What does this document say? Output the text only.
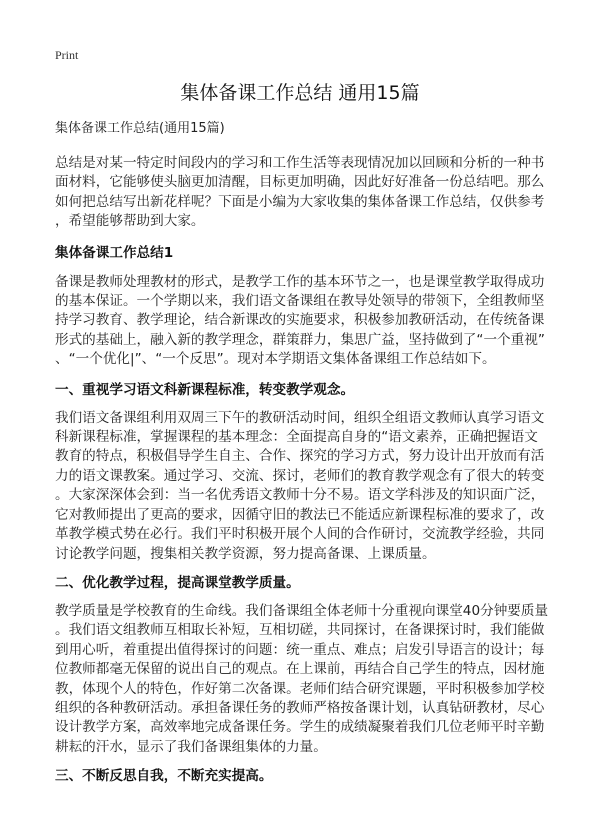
Print
集体备课工作总结 通用15篇
集体备课工作总结(通用15篇)
总结是对某一特定时间段内的学习和工作生活等表现情况加以回顾和分析的一种书
面材料，它能够使头脑更加清醒，目标更加明确，因此好好准备一份总结吧。那么
如何把总结写出新花样呢？下面是小编为大家收集的集体备课工作总结，仅供参考
，希望能够帮助到大家。
集体备课工作总结1
备课是教师处理教材的形式，是教学工作的基本环节之一，也是课堂教学取得成功
的基本保证。一个学期以来，我们语文备课组在教导处领导的带领下，全组教师坚
持学习教育、教学理论，结合新课改的实施要求，积极参加教研活动，在传统备课
形式的基础上，融入新的教学理念，群策群力，集思广益，坚持做到了“一个重视”
、“一个优化|”、“一个反思”。现对本学期语文集体备课组工作总结如下。
一、重视学习语文科新课程标准，转变教学观念。
我们语文备课组利用双周三下午的教研活动时间，组织全组语文教师认真学习语文
科新课程标准，掌握课程的基本理念：全面提高自身的“语文素养，正确把握语文
教育的特点，积极倡导学生自主、合作、探究的学习方式，努力设计出开放而有活
力的语文课教案。通过学习、交流、探讨，老师们的教育教学观念有了很大的转变
。大家深深体会到：当一名优秀语文教师十分不易。语文学科涉及的知识面广泛，
它对教师提出了更高的要求，因循守旧的教法已不能适应新课程标准的要求了，改
革教学模式势在必行。我们平时积极开展个人间的合作研讨，交流教学经验，共同
讨论教学问题，搜集相关教学资源，努力提高备课、上课质量。
二、优化教学过程，提高课堂教学质量。
教学质量是学校教育的生命线。我们备课组全体老师十分重视向课堂40分钟要质量
。我们语文组教师互相取长补短，互相切磋，共同探讨，在备课探讨时，我们能做
到用心听，着重提出值得探讨的问题：统一重点、难点；启发引导语言的设计；每
位教师都毫无保留的说出自己的观点。在上课前，再结合自己学生的特点，因材施
教，体现个人的特色，作好第二次备课。老师们结合研究课题，平时积极参加学校
组织的各种教研活动。承担备课任务的教师严格按备课计划，认真钻研教材，尽心
设计教学方案，高效率地完成备课任务。学生的成绩凝聚着我们几位老师平时辛勤
耕耘的汗水，显示了我们备课组集体的力量。
三、不断反思自我，不断充实提高。
